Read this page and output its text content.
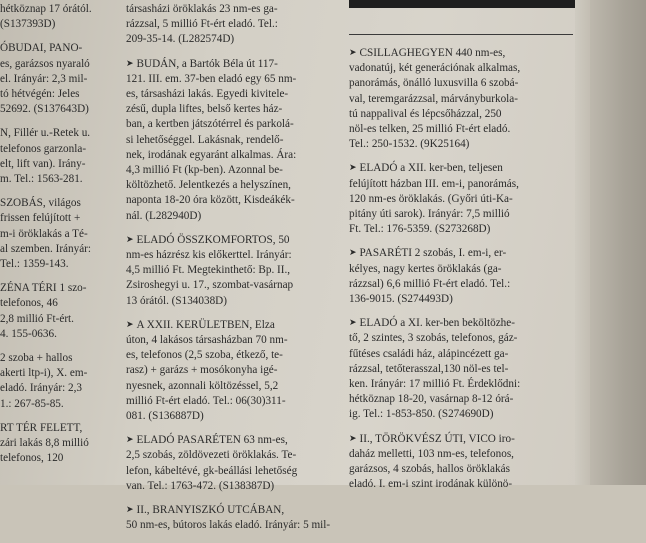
hétköznap 17 órától.
(S137393D)
ÓBUDAI, PANO-
es, garázsos nyaraló
el. Irányár: 2,3 mil-
tó hétvégén: Jeles
52692. (S137643D)
N, Fillér u.-Retek u.
telefonos garzonla-
elt, lift van). Irány-
m. Tel.: 1563-281.
SZOBÁS, világos
frissen felújított +
m-i öröklakás a Té-
al szemben. Irányár:
Tel.: 1359-143.
ZÉNA TÉRI 1 szo-
telefonos, 46
2,8 millió Ft-ért.
4. 155-0636.
2 szoba + hallos
akerti ltp-i), X. em-
eladó. Irányár: 2,3
1.: 267-85-85.
RT TÉR FELETT,
zári lakás 8,8 millió
telefonos, 120
társasházi öröklakás 23 nm-es ga-
rázzsal, 5 millió Ft-ért eladó. Tel.:
209-35-14. (L282574D)
➤ BUDÁN, a Bartók Béla út 117-
121. III. em. 37-ben eladó egy 65 nm-
es, társasházi lakás. Egyedi kivitele-
zésű, dupla liftes, belső kertes ház-
ban, a kertben játszótérrel és parkolá-
si lehetőséggel. Lakásnak, rendelő-
nek, irodának egyaránt alkalmas. Ára:
4,3 millió Ft (kp-ben). Azonnal be-
költözhető. Jelentkezés a helyszínen,
naponta 18-20 óra között, Kisdeákék-
nál. (L282940D)
➤ ELADÓ ÖSSZKOMFORTOS, 50
nm-es házrész kis előkerttel. Irányár:
4,5 millió Ft. Megtekinthető: Bp. II.,
Zsiroshegyi u. 17., szombat-vasárnap
13 órától. (S134038D)
➤ A XXII. KERÜLETBEN, Elza
úton, 4 lakásos társasházban 70 nm-
es, telefonos (2,5 szoba, étkező, te-
rasz) + garázs + mosókonyha igé-
nyesnek, azonnali költözéssel, 5,2
millió Ft-ért eladó. Tel.: 06(30)311-
081. (S136887D)
➤ ELADÓ PASARÉTEN 63 nm-es,
2,5 szobás, zöldövezeti öröklakás. Te-
lefon, kábeltévé, gk-beállási lehetőség
van. Tel.: 1763-472. (S138387D)
➤ II., BRANYISZKÓ UTCÁBAN,
50 nm-es, bútoros lakás eladó. Irányár: 5 mil-
➤ CSILLAGHEGYEN 440 nm-es,
vadonatúj, két generációnak alkalmas,
panorámás, önálló luxusvilla 6 szobá-
val, teremgarázzsal, márványburkola-
tú nappalival és lépcsőházzal, 250
nöl-es telken, 25 millió Ft-ért eladó.
Tel.: 250-1532. (9K25164)
➤ ELADÓ a XII. ker-ben, teljesen
felújított házban III. em-i, panorámás,
120 nm-es öröklakás. (Győri úti-Ka-
pitány úti sarok). Irányár: 7,5 millió
Ft. Tel.: 176-5359. (S273268D)
➤ PASARÉTI 2 szobás, I. em-i, er-
kélyes, nagy kertes öröklakás (ga-
rázzsal) 6,6 millió Ft-ért eladó. Tel.:
136-9015. (S274493D)
➤ ELADÓ a XI. ker-ben beköltözhe-
tő, 2 szintes, 3 szobás, telefonos, gáz-
fűtéses családi ház, alápincézett ga-
rázzsal, tetőterasszal,130 nöl-es tel-
ken. Irányár: 17 millió Ft. Érdeklődni:
hétköznap 18-20, vasárnap 8-12 órá-
ig. Tel.: 1-853-850. (S274690D)
➤ II., TÖRÖKVÉSZ ÚTI, VICO iro-
daház melletti, 103 nm-es, telefonos,
garázsos, 4 szobás, hallos öröklakás
eladó. I. em-i szint irodának különö-
